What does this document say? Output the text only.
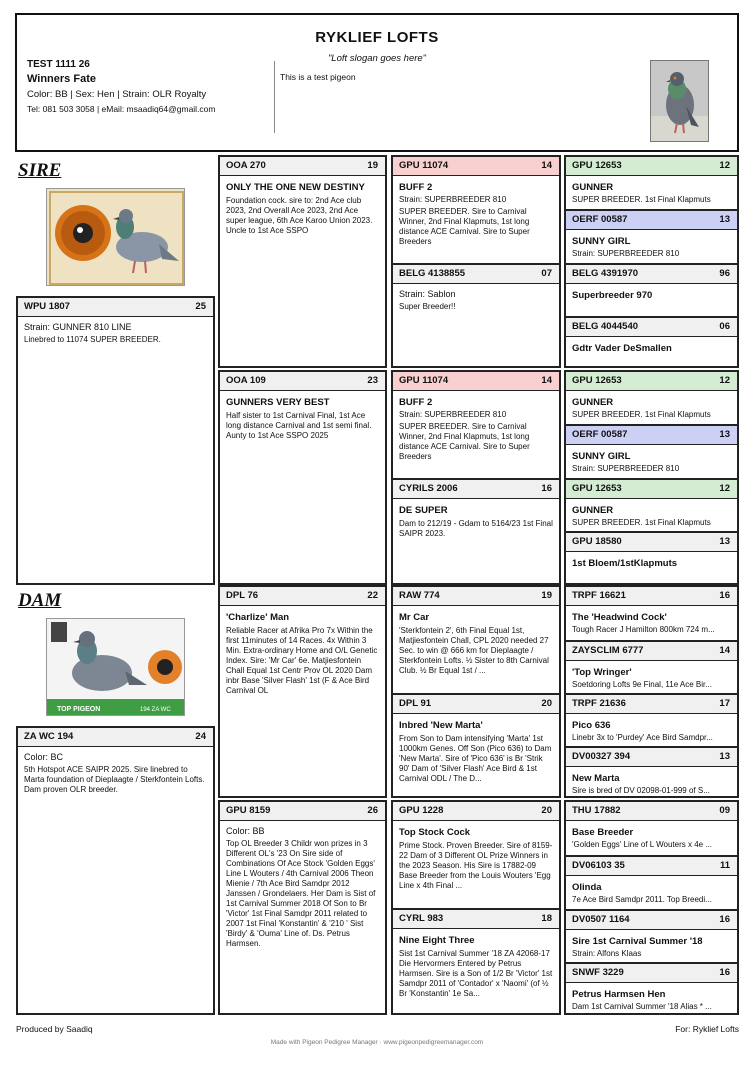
RYKLIEF LOFTS
"Loft slogan goes here"
TEST 1111 26
Winners Fate
Color: BB | Sex: Hen | Strain: OLR Royalty
Tel: 081 503 3058 | eMail: msaadiq64@gmail.com
This is a test pigeon
SIRE
WPU 1807	25
Strain: GUNNER 810 LINE
Linebred to 11074 SUPER BREEDER.
DAM
TOP PIGEON	194 ZA WC
ZA WC 194	24
Color: BC
5th Hotspot ACE SAIPR 2025. Sire linebred to Marta foundation of Dieplaagte / Sterkfontein Lofts. Dam proven OLR breeder.
OOA 270	19
ONLY THE ONE NEW DESTINY
Foundation cock. sire to: 2nd Ace club 2023, 2nd Overall Ace 2023, 2nd Ace super league, 6th Ace Karoo Union 2023. Uncle to 1st Ace SSPO
OOA 109	23
GUNNERS VERY BEST
Half sister to 1st Carnival Final, 1st Ace long distance Carnival and 1st semi final. Aunty to 1st Ace SSPO 2025
DPL 76	22
'Charlize' Man
Reliable Racer at Afrika Pro 7x Within the first 11minutes of 14 Races. 4x Within 3 Min. Extra-ordinary Home and O/L Genetic Index. Sire: 'Mr Car' 6e. Matjiesfontein Chall Equal 1st Centr Prov OL 2020 Dam inbr Base 'Silver Flash' 1st (F & Ace Bird Carnival OL
GPU 8159	26
Color: BB
Top OL Breeder 3 Childr won prizes in 3 Different OL's '23 On Sire side of Combinations Of Ace Stock 'Golden Eggs' Line L Wouters / 4th Carnival 2006 Theon Mienie / 7th Ace Bird Samdpr 2012 Janssen / Grondelaers. Her Dam is Sist of 1st Carnival Summer 2018 Of Son to Br 'Victor' 1st Final Samdpr 2011 related to 2007 1st Final 'Konstantin' & '210 ' Sist 'Birdy' & 'Ouma' Line of. Ds. Petrus Harmsen.
GPU 11074	14
BUFF 2
Strain: SUPERBREEDER 810
SUPER BREEDER. Sire to Carnival Winner, 2nd Final Klapmuts, 1st long distance ACE Carnival. Sire to Super Breeders
BELG 4138855	07
Strain: Sablon
Super Breeder!!
GPU 11074	14
BUFF 2
Strain: SUPERBREEDER 810
SUPER BREEDER. Sire to Carnival Winner, 2nd Final Klapmuts, 1st long distance ACE Carnival. Sire to Super Breeders
CYRILS 2006	16
DE SUPER
Dam to 212/19 - Gdam to 5164/23 1st Final SAIPR 2023.
RAW 774	19
Mr Car
'Sterkfontein 2', 6th Final Equal 1st, Matjiesfontein Chall, CPL 2020 needed 27 Sec. to win @ 666 km for Dieplaagte / Sterkfontein Lofts. ½ Sister to 8th Carnival Club. ½ Br Equal 1st / ...
DPL 91	20
Inbred 'New Marta'
From Son to Dam intensifying 'Marta' 1st 1000km Genes. Off Son (Pico 636) to Dam 'New Marta'. Sire of 'Pico 636' is Br 'Strik 90' Dam of 'Silver Flash' Ace Bird & 1st Carnival ODL / The D...
GPU 1228	20
Top Stock Cock
Prime Stock. Proven Breeder. Sire of 8159-22 Dam of 3 Different OL Prize Winners in the 2023 Season. His Sire is 17882-09 Base Breeder from the Louis Wouters 'Egg Line x 4th Final ...
CYRL 983	18
Nine Eight Three
Sist 1st Carnival Summer '18 ZA 42068-17 Die Hervormers Entered by Petrus Harmsen. Sire is a Son of 1/2 Br 'Victor' 1st Samdpr 2011 of 'Contador' x 'Naomi' (of ½ Br 'Konstantin' 1e Sa...
GPU 12653	12
GUNNER
SUPER BREEDER. 1st Final Klapmuts
OERF 00587	13
SUNNY GIRL
Strain: SUPERBREEDER 810
BELG 4391970	96
Superbreeder 970
BELG 4044540	06
Gdtr Vader DeSmallen
GPU 12653	12
GUNNER
SUPER BREEDER. 1st Final Klapmuts
OERF 00587	13
SUNNY GIRL
Strain: SUPERBREEDER 810
GPU 12653	12
GUNNER
SUPER BREEDER. 1st Final Klapmuts
GPU 18580	13
1st Bloem/1stKlapmuts
TRPF 16621	16
The 'Headwind Cock'
Tough Racer J Hamilton 800km 724 m...
ZAYSCLIM 6777	14
'Top Wringer'
Soetdoring Lofts 9e Final, 11e Ace Bir...
TRPF 21636	17
Pico 636
Linebr 3x to 'Purdey' Ace Bird Samdpr...
DV00327 394	13
New Marta
Sire is bred of DV 02098-01-999 of S...
THU 17882	09
Base Breeder
'Golden Eggs' Line of L Wouters x 4e ...
DV06103 35	11
Olinda
7e Ace Bird Samdpr 2011. Top Breedi...
DV0507 1164	16
Sire 1st Carnival Summer '18
Strain: Alfons Klaas
SNWF 3229	16
Petrus Harmsen Hen
Dam 1st Carnival Summer '18 Alias * ...
Produced by Saadiq	For: Ryklief Lofts
Made with Pigeon Pedigree Manager · www.pigeonpedigreemanager.com
